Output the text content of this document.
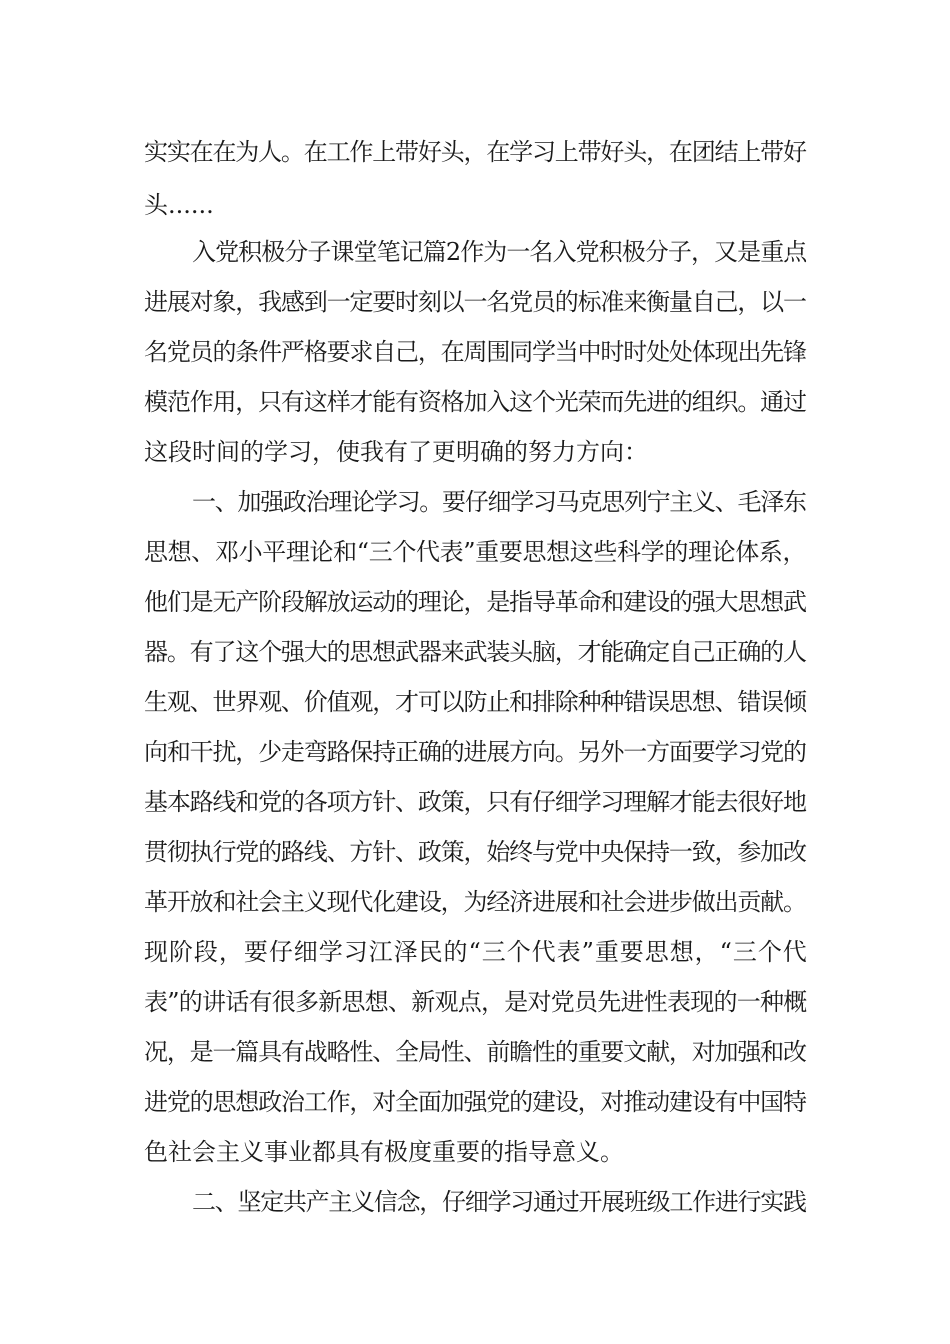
实实在在为人。在工作上带好头，在学习上带好头，在团结上带好
头......
入党积极分子课堂笔记篇2作为一名入党积极分子，又是重点
进展对象，我感到一定要时刻以一名党员的标准来衡量自己，以一
名党员的条件严格要求自己，在周围同学当中时时处处体现出先锋
模范作用，只有这样才能有资格加入这个光荣而先进的组织。通过
这段时间的学习，使我有了更明确的努力方向：
一、加强政治理论学习。要仔细学习马克思列宁主义、毛泽东
思想、邓小平理论和“三个代表”重要思想这些科学的理论体系，
他们是无产阶段解放运动的理论，是指导革命和建设的强大思想武
器。有了这个强大的思想武器来武装头脑，才能确定自己正确的人
生观、世界观、价值观，才可以防止和排除种种错误思想、错误倾
向和干扰，少走弯路保持正确的进展方向。另外一方面要学习党的
基本路线和党的各项方针、政策，只有仔细学习理解才能去很好地
贯彻执行党的路线、方针、政策，始终与党中央保持一致，参加改
革开放和社会主义现代化建设，为经济进展和社会进步做出贡献。
现阶段，要仔细学习江泽民的“三个代表”重要思想，“三个代
表”的讲话有很多新思想、新观点，是对党员先进性表现的一种概
况，是一篇具有战略性、全局性、前瞻性的重要文献，对加强和改
进党的思想政治工作，对全面加强党的建设，对推动建设有中国特
色社会主义事业都具有极度重要的指导意义。
二、坚定共产主义信念，仔细学习通过开展班级工作进行实践
